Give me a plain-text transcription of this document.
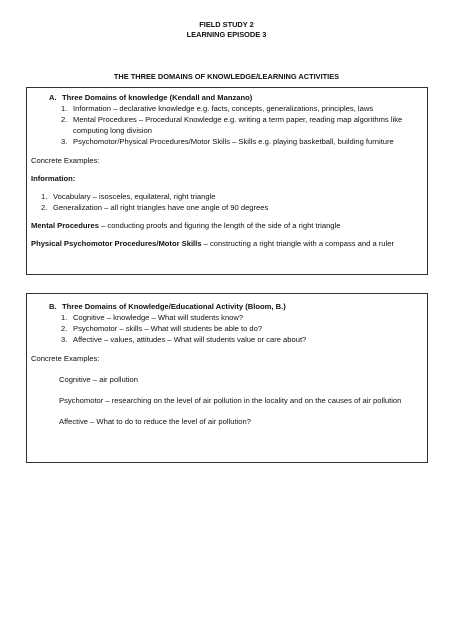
FIELD STUDY 2
LEARNING EPISODE 3
THE THREE DOMAINS OF KNOWLEDGE/LEARNING ACTIVITIES

A. Three Domains of knowledge (Kendall and Manzano)

1. Information – declarative knowledge e.g. facts, concepts, generalizations, principles, laws
2. Mental Procedures – Procedural Knowledge e.g. writing a term paper, reading map algorithms like computing long division
3. Psychomotor/Physical Procedures/Motor Skills – Skills e.g. playing basketball, building furniture

Concrete Examples:

Information:

1. Vocabulary – isosceles, equilateral, right triangle
2. Generalization – all right triangles have one angle of 90 degrees

Mental Procedures – conducting proofs and figuring the length of the side of a right triangle

Physical Psychomotor Procedures/Motor Skills – constructing a right triangle with a compass and a ruler

B. Three Domains of Knowledge/Educational Activity (Bloom, B.)

1. Cognitive – knowledge – What will students know?
2. Psychomotor – skills – What will students be able to do?
3. Affective – values, attitudes – What will students value or care about?

Concrete Examples:

Cognitive – air pollution

Psychomotor – researching on the level of air pollution in the locality and on the causes of air pollution

Affective – What to do to reduce the level of air pollution?
